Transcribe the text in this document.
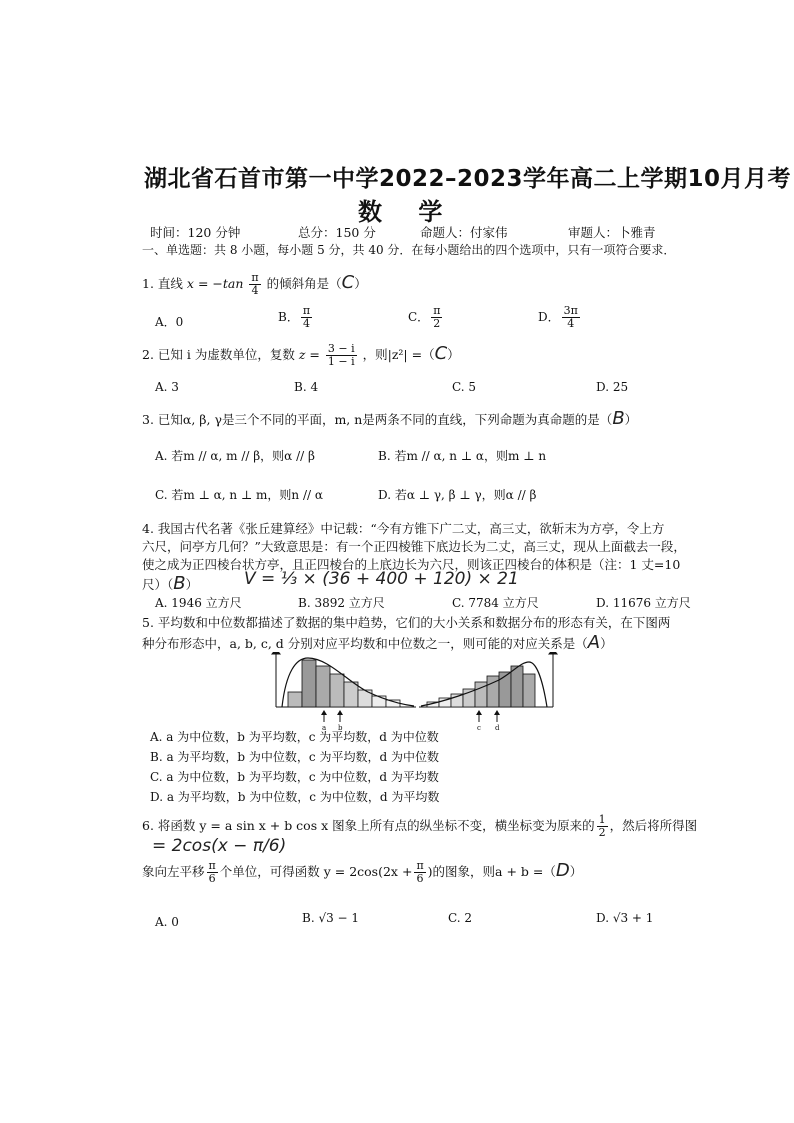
湖北省石首市第一中学2022–2023学年高二上学期10月月考
数 学
时间：120 分钟	总分：150 分	命题人：付家伟	审题人：卜雅青
一、单选题：共 8 小题，每小题 5 分，共 40 分．在每小题给出的四个选项中，只有一项符合要求．
1. 直线 $x = -\tan \frac{\pi}{4}$ 的倾斜角是（C）
A．0	B． $\frac{\pi}{4}$	C． $\frac{\pi}{2}$	D． $\frac{3\pi}{4}$
2. 已知 i 为虚数单位，复数 $z = \frac{3 - i}{1 - i}$ ，则|z²| =（C）
A. 3	B. 4	C. 5	D. 25
3. 已知α, β, γ是三个不同的平面，m, n是两条不同的直线，下列命题为真命题的是（B）
A. 若m // α, m // β，则α // β	B. 若m // α, n ⊥ α，则m ⊥ n
C. 若m ⊥ α, n ⊥ m，则n // α	D. 若α ⊥ γ, β ⊥ γ，则α // β
4. 我国古代名著《张丘建算经》中记载：“今有方锥下广二丈，高三丈，欲斩末为方亭，令上方
六尺，问亭方几何？”大致意思是：有一个正四棱锥下底边长为二丈，高三丈，现从上面截去一段，
使之成为正四棱台状方亭，且正四棱台的上底边长为六尺，则该正四棱台的体积是（注：1 丈=10
尺）（B）	V = ⅓ × (36 + 400 + 120) × 21
A. 1946 立方尺	B. 3892 立方尺	C. 7784 立方尺	D. 11676 立方尺
5. 平均数和中位数都描述了数据的集中趋势，它们的大小关系和数据分布的形态有关，在下图两
种分布形态中，a, b, c, d 分别对应平均数和中位数之一，则可能的对应关系是（A）
a b	c d
A. a 为中位数，b 为平均数，c 为平均数，d 为中位数
B. a 为平均数，b 为中位数，c 为平均数，d 为中位数
C. a 为中位数，b 为平均数，c 为中位数，d 为平均数
D. a 为平均数，b 为中位数，c 为中位数，d 为平均数
6. 将函数 y = a sin x + b cos x 图象上所有点的纵坐标不变，横坐标变为原来的 $\frac{1}{2}$ ，然后将所得图
= 2cos(x − π/6)
象向左平移 $\frac{\pi}{6}$ 个单位，可得函数 $y = 2\cos(2x + \frac{\pi}{6}$ )的图象，则a + b =（D）
A. 0	B. √3 − 1	C. 2	D. √3 + 1
